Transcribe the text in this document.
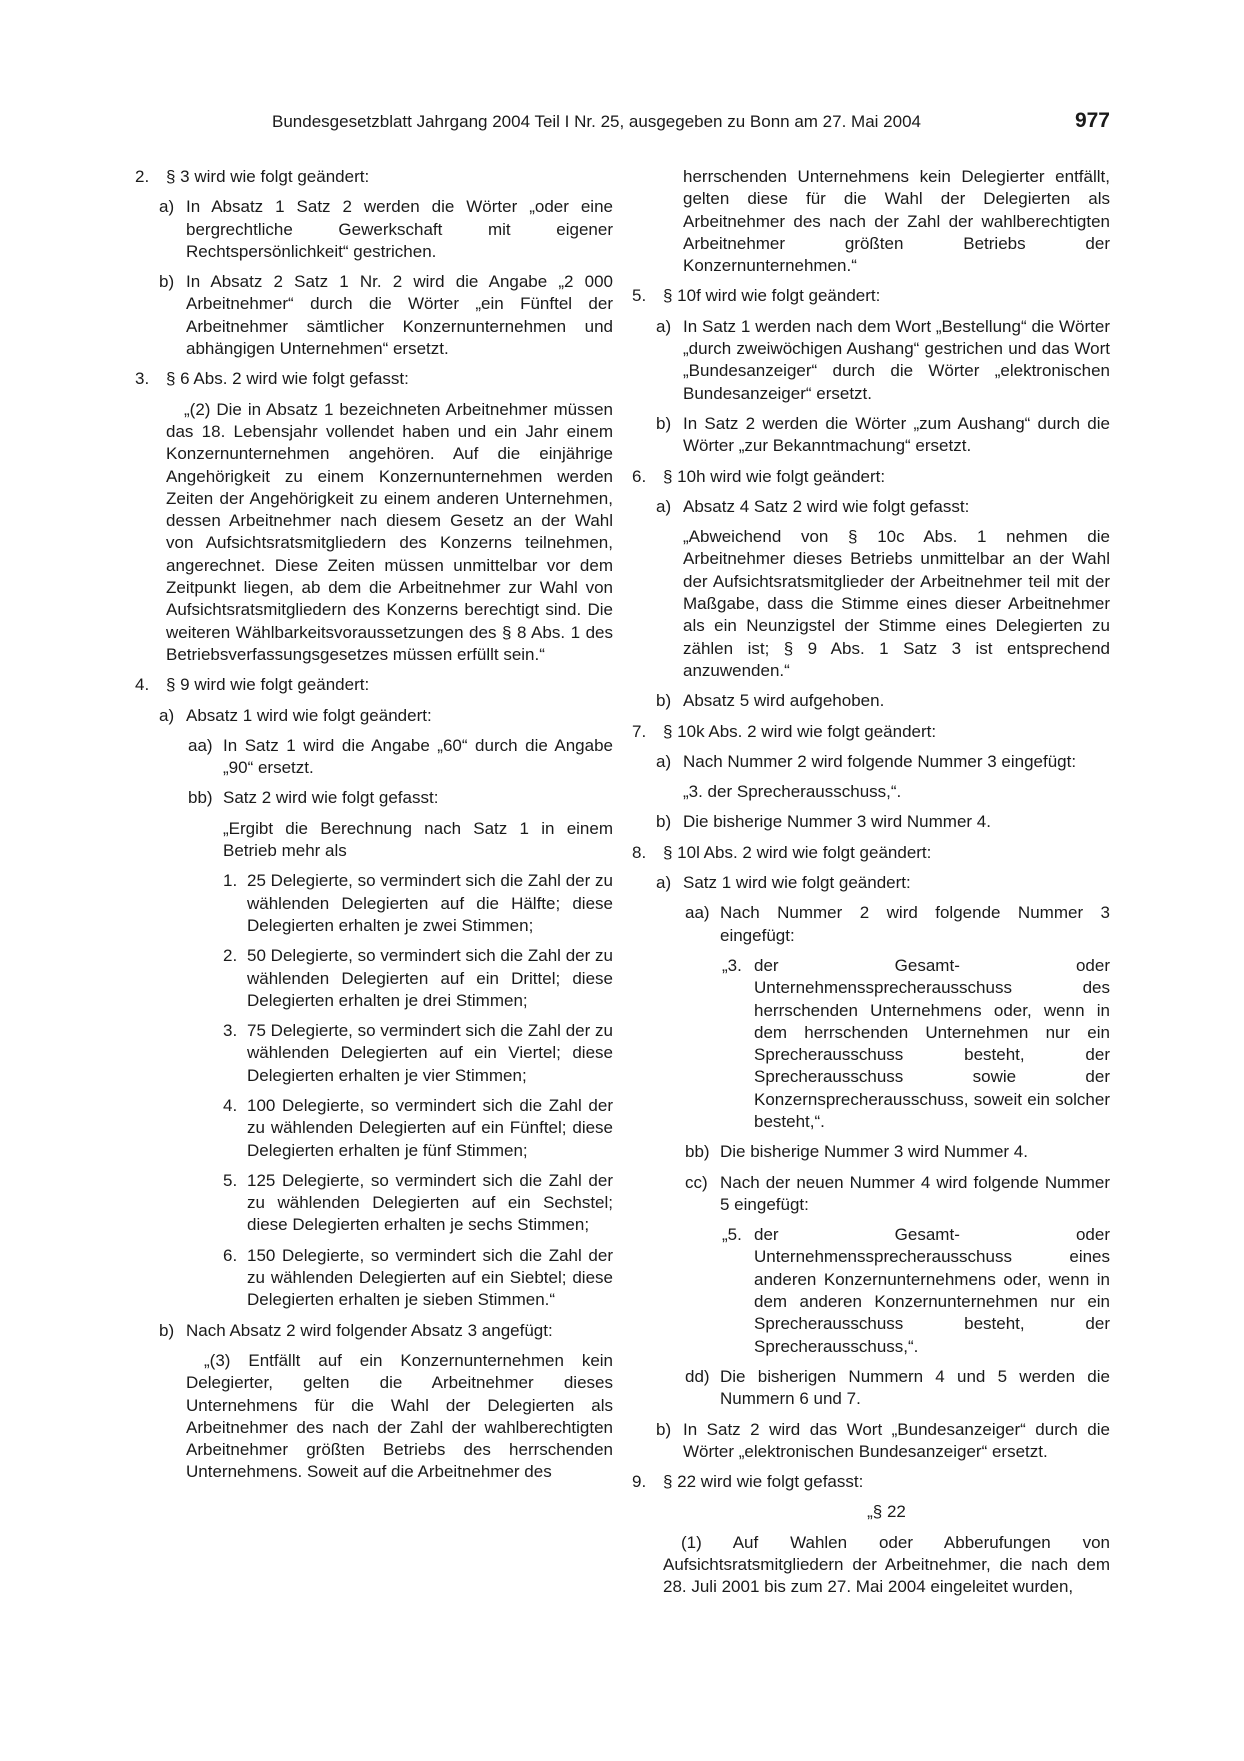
Bundesgesetzblatt Jahrgang 2004 Teil I Nr. 25, ausgegeben zu Bonn am 27. Mai 2004	977
2. § 3 wird wie folgt geändert:

a) In Absatz 1 Satz 2 werden die Wörter „oder eine bergrechtliche Gewerkschaft mit eigener Rechtspersönlichkeit“ gestrichen.

b) In Absatz 2 Satz 1 Nr. 2 wird die Angabe „2 000 Arbeitnehmer“ durch die Wörter „ein Fünftel der Arbeitnehmer sämtlicher Konzernunternehmen und abhängigen Unternehmen“ ersetzt.

3. § 6 Abs. 2 wird wie folgt gefasst:

„(2) Die in Absatz 1 bezeichneten Arbeitnehmer müssen das 18. Lebensjahr vollendet haben und ein Jahr einem Konzernunternehmen angehören. Auf die einjährige Angehörigkeit zu einem Konzernunternehmen werden Zeiten der Angehörigkeit zu einem anderen Unternehmen, dessen Arbeitnehmer nach diesem Gesetz an der Wahl von Aufsichtsratsmitgliedern des Konzerns teilnehmen, angerechnet. Diese Zeiten müssen unmittelbar vor dem Zeitpunkt liegen, ab dem die Arbeitnehmer zur Wahl von Aufsichtsratsmitgliedern des Konzerns berechtigt sind. Die weiteren Wählbarkeitsvoraussetzungen des § 8 Abs. 1 des Betriebsverfassungsgesetzes müssen erfüllt sein.“

4. § 9 wird wie folgt geändert:

a) Absatz 1 wird wie folgt geändert:

aa) In Satz 1 wird die Angabe „60“ durch die Angabe „90“ ersetzt.

bb) Satz 2 wird wie folgt gefasst:

„Ergibt die Berechnung nach Satz 1 in einem Betrieb mehr als

1. 25 Delegierte, so vermindert sich die Zahl der zu wählenden Delegierten auf die Hälfte; diese Delegierten erhalten je zwei Stimmen;

2. 50 Delegierte, so vermindert sich die Zahl der zu wählenden Delegierten auf ein Drittel; diese Delegierten erhalten je drei Stimmen;

3. 75 Delegierte, so vermindert sich die Zahl der zu wählenden Delegierten auf ein Viertel; diese Delegierten erhalten je vier Stimmen;

4. 100 Delegierte, so vermindert sich die Zahl der zu wählenden Delegierten auf ein Fünftel; diese Delegierten erhalten je fünf Stimmen;

5. 125 Delegierte, so vermindert sich die Zahl der zu wählenden Delegierten auf ein Sechstel; diese Delegierten erhalten je sechs Stimmen;

6. 150 Delegierte, so vermindert sich die Zahl der zu wählenden Delegierten auf ein Siebtel; diese Delegierten erhalten je sieben Stimmen.“

b) Nach Absatz 2 wird folgender Absatz 3 angefügt:

„(3) Entfällt auf ein Konzernunternehmen kein Delegierter, gelten die Arbeitnehmer dieses Unternehmens für die Wahl der Delegierten als Arbeitnehmer des nach der Zahl der wahlberechtigten Arbeitnehmer größten Betriebs des herrschenden Unternehmens. Soweit auf die Arbeitnehmer des

herrschenden Unternehmens kein Delegierter entfällt, gelten diese für die Wahl der Delegierten als Arbeitnehmer des nach der Zahl der wahlberechtigten Arbeitnehmer größten Betriebs der Konzernunternehmen.“

5. § 10f wird wie folgt geändert:

a) In Satz 1 werden nach dem Wort „Bestellung“ die Wörter „durch zweiwöchigen Aushang“ gestrichen und das Wort „Bundesanzeiger“ durch die Wörter „elektronischen Bundesanzeiger“ ersetzt.

b) In Satz 2 werden die Wörter „zum Aushang“ durch die Wörter „zur Bekanntmachung“ ersetzt.

6. § 10h wird wie folgt geändert:

a) Absatz 4 Satz 2 wird wie folgt gefasst:

„Abweichend von § 10c Abs. 1 nehmen die Arbeitnehmer dieses Betriebs unmittelbar an der Wahl der Aufsichtsratsmitglieder der Arbeitnehmer teil mit der Maßgabe, dass die Stimme eines dieser Arbeitnehmer als ein Neunzigstel der Stimme eines Delegierten zu zählen ist; § 9 Abs. 1 Satz 3 ist entsprechend anzuwenden.“

b) Absatz 5 wird aufgehoben.

7. § 10k Abs. 2 wird wie folgt geändert:

a) Nach Nummer 2 wird folgende Nummer 3 eingefügt:

„3. der Sprecherausschuss,“.

b) Die bisherige Nummer 3 wird Nummer 4.

8. § 10l Abs. 2 wird wie folgt geändert:

a) Satz 1 wird wie folgt geändert:

aa) Nach Nummer 2 wird folgende Nummer 3 eingefügt:

„3. der Gesamt- oder Unternehmenssprecherausschuss des herrschenden Unternehmens oder, wenn in dem herrschenden Unternehmen nur ein Sprecherausschuss besteht, der Sprecherausschuss sowie der Konzernsprecherausschuss, soweit ein solcher besteht,“.

bb) Die bisherige Nummer 3 wird Nummer 4.

cc) Nach der neuen Nummer 4 wird folgende Nummer 5 eingefügt:

„5. der Gesamt- oder Unternehmenssprecherausschuss eines anderen Konzernunternehmens oder, wenn in dem anderen Konzernunternehmen nur ein Sprecherausschuss besteht, der Sprecherausschuss,“.

dd) Die bisherigen Nummern 4 und 5 werden die Nummern 6 und 7.

b) In Satz 2 wird das Wort „Bundesanzeiger“ durch die Wörter „elektronischen Bundesanzeiger“ ersetzt.

9. § 22 wird wie folgt gefasst:

„§ 22

(1) Auf Wahlen oder Abberufungen von Aufsichtsratsmitgliedern der Arbeitnehmer, die nach dem 28. Juli 2001 bis zum 27. Mai 2004 eingeleitet wurden,
